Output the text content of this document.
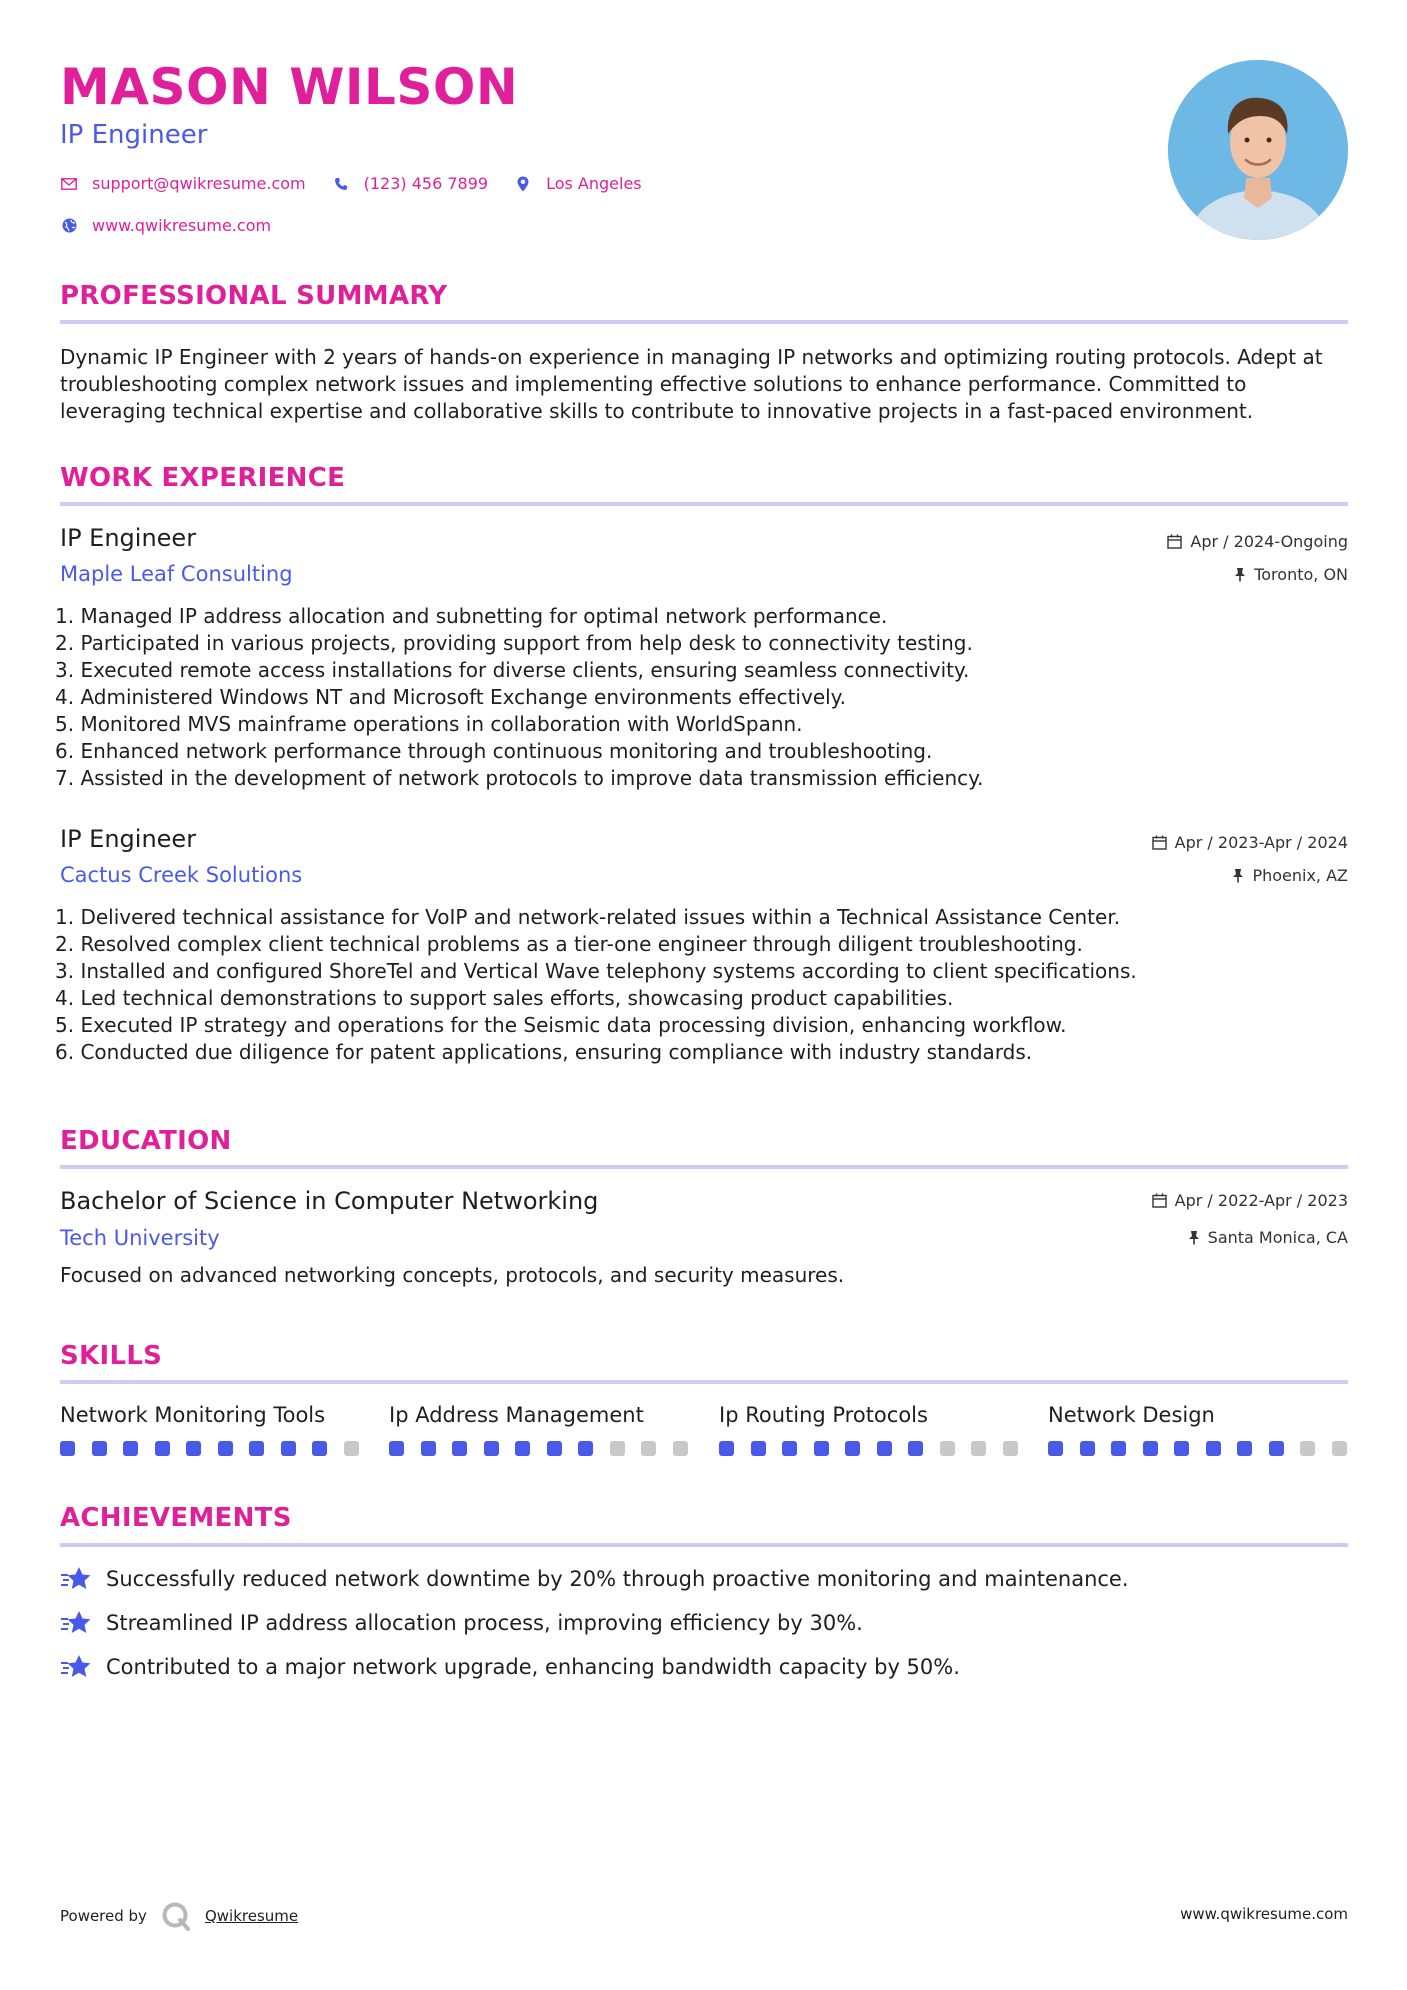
MASON WILSON
IP Engineer
support@qwikresume.com	(123) 456 7899	Los Angeles
www.qwikresume.com
PROFESSIONAL SUMMARY
Dynamic IP Engineer with 2 years of hands-on experience in managing IP networks and optimizing routing protocols. Adept at troubleshooting complex network issues and implementing effective solutions to enhance performance. Committed to leveraging technical expertise and collaborative skills to contribute to innovative projects in a fast-paced environment.
WORK EXPERIENCE
IP Engineer
Maple Leaf Consulting
Apr / 2024-Ongoing
Toronto, ON
1. Managed IP address allocation and subnetting for optimal network performance.
2. Participated in various projects, providing support from help desk to connectivity testing.
3. Executed remote access installations for diverse clients, ensuring seamless connectivity.
4. Administered Windows NT and Microsoft Exchange environments effectively.
5. Monitored MVS mainframe operations in collaboration with WorldSpann.
6. Enhanced network performance through continuous monitoring and troubleshooting.
7. Assisted in the development of network protocols to improve data transmission efficiency.
IP Engineer
Cactus Creek Solutions
Apr / 2023-Apr / 2024
Phoenix, AZ
1. Delivered technical assistance for VoIP and network-related issues within a Technical Assistance Center.
2. Resolved complex client technical problems as a tier-one engineer through diligent troubleshooting.
3. Installed and configured ShoreTel and Vertical Wave telephony systems according to client specifications.
4. Led technical demonstrations to support sales efforts, showcasing product capabilities.
5. Executed IP strategy and operations for the Seismic data processing division, enhancing workflow.
6. Conducted due diligence for patent applications, ensuring compliance with industry standards.
EDUCATION
Bachelor of Science in Computer Networking
Tech University
Apr / 2022-Apr / 2023
Santa Monica, CA
Focused on advanced networking concepts, protocols, and security measures.
SKILLS
Network Monitoring Tools	Ip Address Management	Ip Routing Protocols	Network Design
ACHIEVEMENTS
Successfully reduced network downtime by 20% through proactive monitoring and maintenance.
Streamlined IP address allocation process, improving efficiency by 30%.
Contributed to a major network upgrade, enhancing bandwidth capacity by 50%.
Powered by	Qwikresume	www.qwikresume.com
